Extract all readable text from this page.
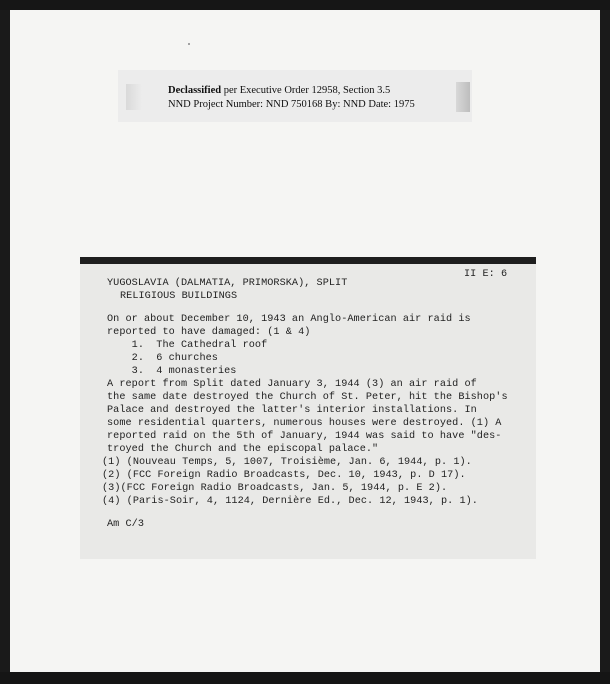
Declassified per Executive Order 12958, Section 3.5
NND Project Number: NND 750168 By: NND Date: 1975
YUGOSLAVIA (DALMATIA, PRIMORSKA), SPLIT
RELIGIOUS BUILDINGS
II E: 6
On or about December 10, 1943 an Anglo-American air raid is
reported to have damaged: (1 & 4)
1.  The Cathedral roof
2.  6 churches
3.  4 monasteries
A report from Split dated January 3, 1944 (3) an air raid of
the same date destroyed the Church of St. Peter, hit the Bishop's
Palace and destroyed the latter's interior installations. In
some residential quarters, numerous houses were destroyed. (1) A
reported raid on the 5th of January, 1944 was said to have "des-
troyed the Church and the episcopal palace."
(1) (Nouveau Temps, 5, 1007, Troisième, Jan. 6, 1944, p. 1).
(2) (FCC Foreign Radio Broadcasts, Dec. 10, 1943, p. D 17).
(3)(FCC Foreign Radio Broadcasts, Jan. 5, 1944, p. E 2).
(4) (Paris-Soir, 4, 1124, Dernière Ed., Dec. 12, 1943, p. 1).
Am C/3
